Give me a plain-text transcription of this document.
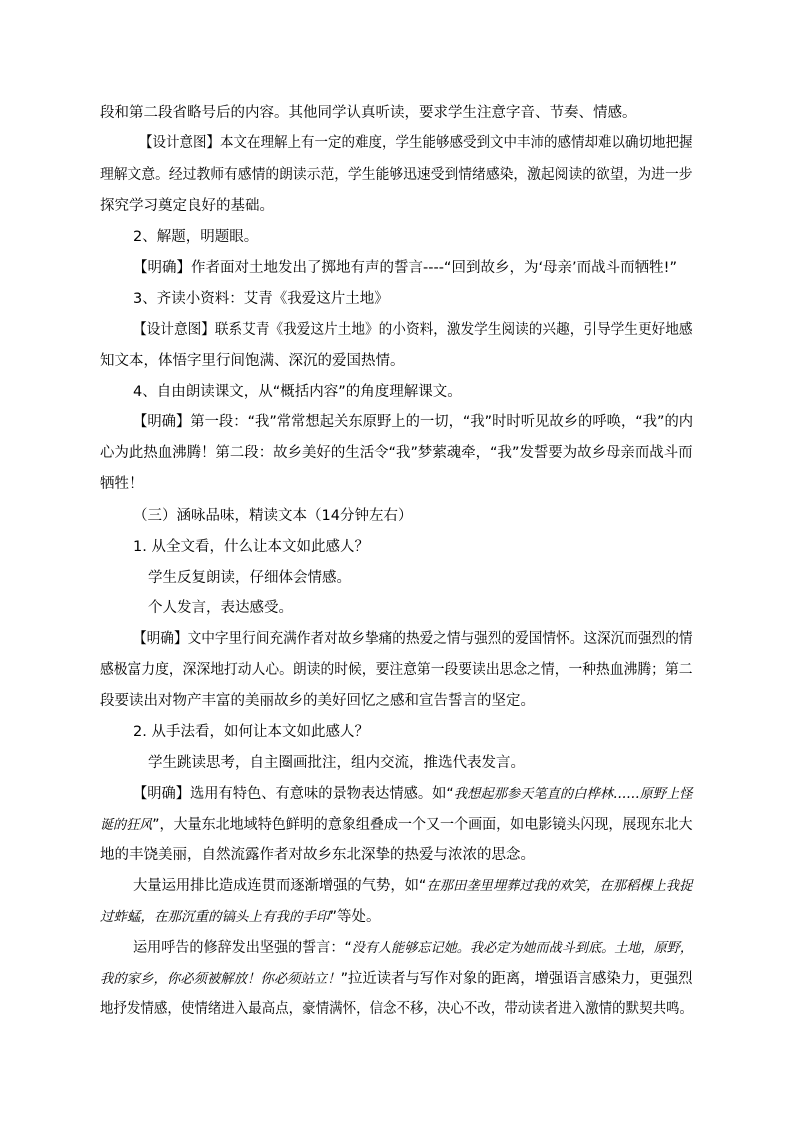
段和第二段省略号后的内容。其他同学认真听读，要求学生注意字音、节奏、情感。
【设计意图】本文在理解上有一定的难度，学生能够感受到文中丰沛的感情却难以确切地把握
理解文意。经过教师有感情的朗读示范，学生能够迅速受到情绪感染，激起阅读的欲望，为进一步
探究学习奠定良好的基础。
2、解题，明题眼。
【明确】作者面对土地发出了掷地有声的誓言----“回到故乡，为‘母亲’而战斗而牺牲!”
3、齐读小资料：艾青《我爱这片土地》
【设计意图】联系艾青《我爱这片土地》的小资料，激发学生阅读的兴趣，引导学生更好地感
知文本，体悟字里行间饱满、深沉的爱国热情。
4、自由朗读课文，从“概括内容”的角度理解课文。
【明确】第一段：“我”常常想起关东原野上的一切，“我”时时听见故乡的呼唤，“我”的内
心为此热血沸腾！第二段：故乡美好的生活令“我”梦萦魂牵，“我”发誓要为故乡母亲而战斗而
牺牲！
（三）涵咏品味，精读文本（14分钟左右）
1. 从全文看，什么让本文如此感人？
学生反复朗读，仔细体会情感。
个人发言，表达感受。
【明确】文中字里行间充满作者对故乡挚痛的热爱之情与强烈的爱国情怀。这深沉而强烈的情
感极富力度，深深地打动人心。朗读的时候，要注意第一段要读出思念之情，一种热血沸腾；第二
段要读出对物产丰富的美丽故乡的美好回忆之感和宣告誓言的坚定。
2. 从手法看，如何让本文如此感人？
学生跳读思考，自主圈画批注，组内交流，推选代表发言。
【明确】选用有特色、有意味的景物表达情感。如“我想起那参天笔直的白桦林……原野上怪
诞的狂风”，大量东北地域特色鲜明的意象组叠成一个又一个画面，如电影镜头闪现，展现东北大
地的丰饶美丽，自然流露作者对故乡东北深挚的热爱与浓浓的思念。
大量运用排比造成连贯而逐渐增强的气势，如“在那田垄里埋葬过我的欢笑，在那稻棵上我捉
过蚱蜢，在那沉重的镐头上有我的手印”等处。
运用呼告的修辞发出坚强的誓言：“没有人能够忘记她。我必定为她而战斗到底。土地，原野，
我的家乡，你必须被解放！你必须站立！”拉近读者与写作对象的距离，增强语言感染力，更强烈
地抒发情感，使情绪进入最高点，豪情满怀，信念不移，决心不改，带动读者进入激情的默契共鸣。
